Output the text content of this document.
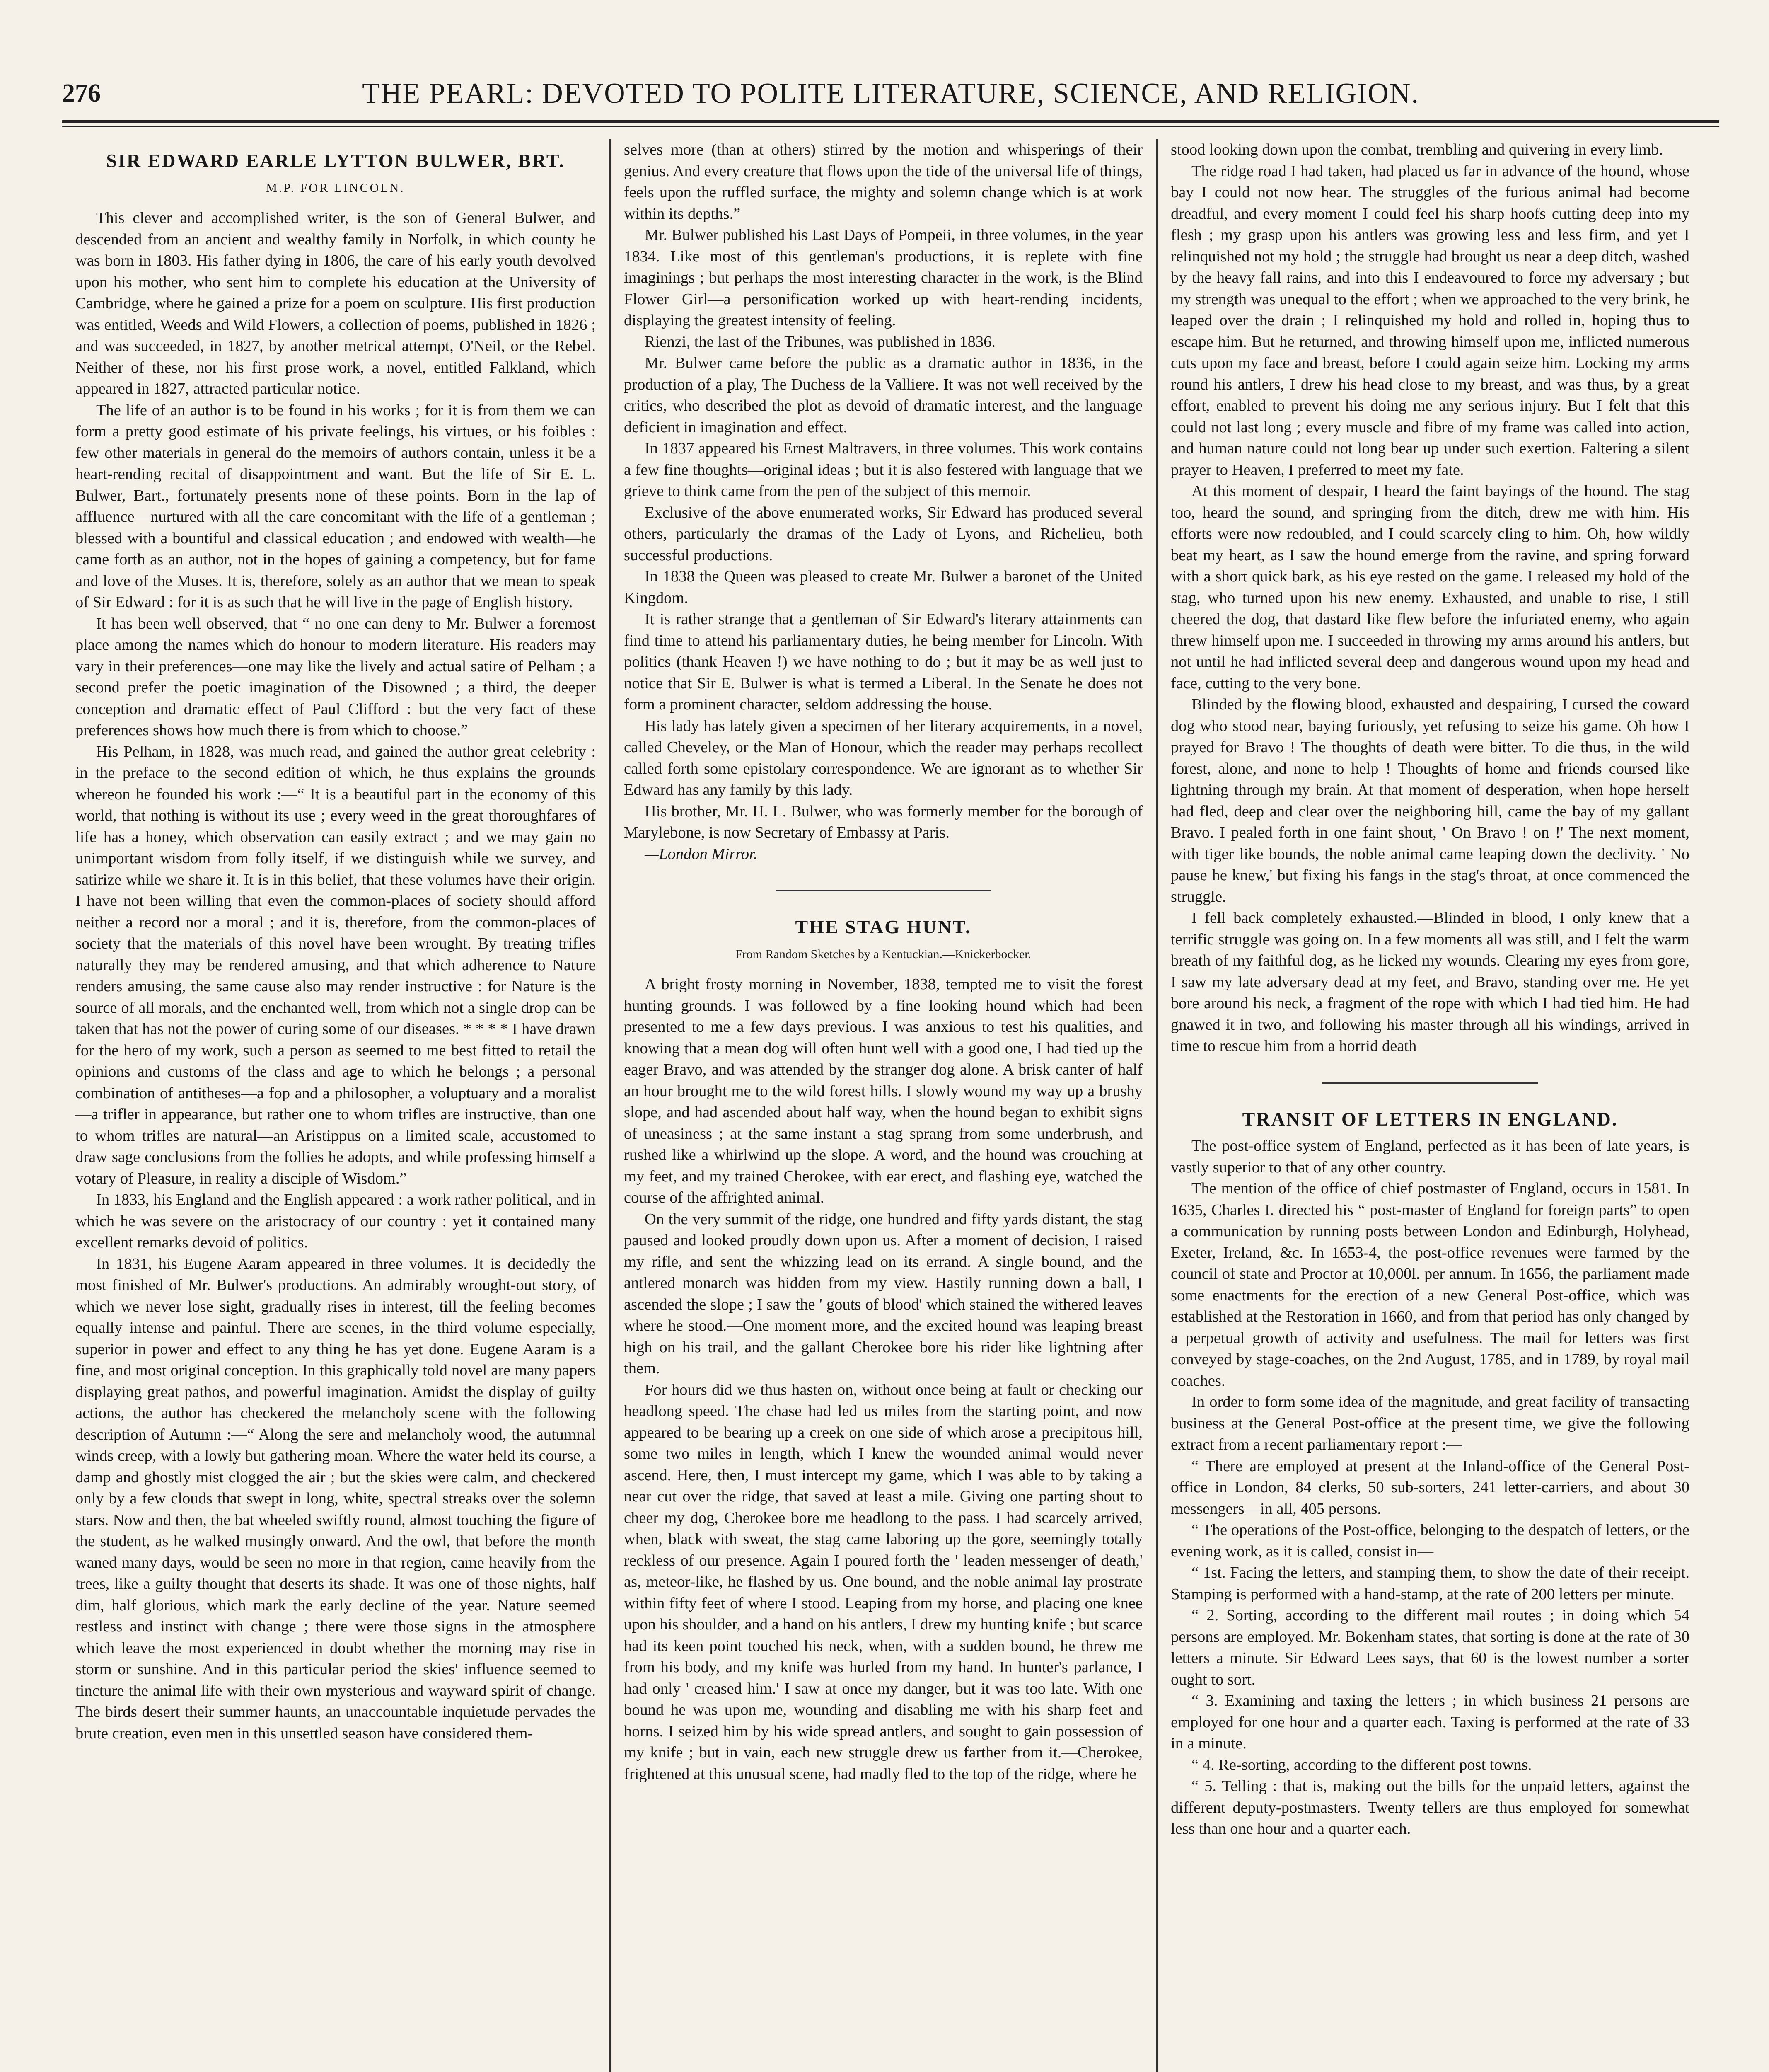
276	THE PEARL: DEVOTED TO POLITE LITERATURE, SCIENCE, AND RELIGION.
SIR EDWARD EARLE LYTTON BULWER, BRT.
M.P. FOR LINCOLN.

This clever and accomplished writer, is the son of General Bulwer, and descended from an ancient and wealthy family in Norfolk, in which county he was born in 1803. His father dying in 1806, the care of his early youth devolved upon his mother, who sent him to complete his education at the University of Cambridge, where he gained a prize for a poem on sculpture. His first production was entitled, Weeds and Wild Flowers, a collection of poems, published in 1826 ; and was succeeded, in 1827, by another metrical attempt, O'Neil, or the Rebel. Neither of these, nor his first prose work, a novel, entitled Falkland, which appeared in 1827, attracted particular notice.

The life of an author is to be found in his works ; for it is from them we can form a pretty good estimate of his private feelings, his virtues, or his foibles : few other materials in general do the memoirs of authors contain, unless it be a heart-rending recital of disappointment and want. But the life of Sir E. L. Bulwer, Bart., fortunately presents none of these points. Born in the lap of affluence—nurtured with all the care concomitant with the life of a gentleman ; blessed with a bountiful and classical education ; and endowed with wealth—he came forth as an author, not in the hopes of gaining a competency, but for fame and love of the Muses. It is, therefore, solely as an author that we mean to speak of Sir Edward : for it is as such that he will live in the page of English history.

It has been well observed, that “ no one can deny to Mr. Bulwer a foremost place among the names which do honour to modern literature. His readers may vary in their preferences—one may like the lively and actual satire of Pelham ; a second prefer the poetic imagination of the Disowned ; a third, the deeper conception and dramatic effect of Paul Clifford : but the very fact of these preferences shows how much there is from which to choose.”

His Pelham, in 1828, was much read, and gained the author great celebrity : in the preface to the second edition of which, he thus explains the grounds whereon he founded his work :—“ It is a beautiful part in the economy of this world, that nothing is without its use ; every weed in the great thoroughfares of life has a honey, which observation can easily extract ; and we may gain no unimportant wisdom from folly itself, if we distinguish while we survey, and satirize while we share it. It is in this belief, that these volumes have their origin. I have not been willing that even the common-places of society should afford neither a record nor a moral ; and it is, therefore, from the common-places of society that the materials of this novel have been wrought. By treating trifles naturally they may be rendered amusing, and that which adherence to Nature renders amusing, the same cause also may render instructive : for Nature is the source of all morals, and the enchanted well, from which not a single drop can be taken that has not the power of curing some of our diseases. * * * * I have drawn for the hero of my work, such a person as seemed to me best fitted to retail the opinions and customs of the class and age to which he belongs ; a personal combination of antitheses—a fop and a philosopher, a voluptuary and a moralist—a trifler in appearance, but rather one to whom trifles are instructive, than one to whom trifles are natural—an Aristippus on a limited scale, accustomed to draw sage conclusions from the follies he adopts, and while professing himself a votary of Pleasure, in reality a disciple of Wisdom.”

In 1833, his England and the English appeared : a work rather political, and in which he was severe on the aristocracy of our country : yet it contained many excellent remarks devoid of politics.

In 1831, his Eugene Aaram appeared in three volumes. It is decidedly the most finished of Mr. Bulwer's productions. An admirably wrought-out story, of which we never lose sight, gradually rises in interest, till the feeling becomes equally intense and painful. There are scenes, in the third volume especially, superior in power and effect to any thing he has yet done. Eugene Aaram is a fine, and most original conception. In this graphically told novel are many papers displaying great pathos, and powerful imagination. Amidst the display of guilty actions, the author has checkered the melancholy scene with the following description of Autumn :—“ Along the sere and melancholy wood, the autumnal winds creep, with a lowly but gathering moan. Where the water held its course, a damp and ghostly mist clogged the air ; but the skies were calm, and checkered only by a few clouds that swept in long, white, spectral streaks over the solemn stars. Now and then, the bat wheeled swiftly round, almost touching the figure of the student, as he walked musingly onward. And the owl, that before the month waned many days, would be seen no more in that region, came heavily from the trees, like a guilty thought that deserts its shade. It was one of those nights, half dim, half glorious, which mark the early decline of the year. Nature seemed restless and instinct with change ; there were those signs in the atmosphere which leave the most experienced in doubt whether the morning may rise in storm or sunshine. And in this particular period the skies' influence seemed to tincture the animal life with their own mysterious and wayward spirit of change. The birds desert their summer haunts, an unaccountable inquietude pervades the brute creation, even men in this unsettled season have considered them-

selves more (than at others) stirred by the motion and whisperings of their genius. And every creature that flows upon the tide of the universal life of things, feels upon the ruffled surface, the mighty and solemn change which is at work within its depths.”

Mr. Bulwer published his Last Days of Pompeii, in three volumes, in the year 1834. Like most of this gentleman's productions, it is replete with fine imaginings ; but perhaps the most interesting character in the work, is the Blind Flower Girl—a personification worked up with heart-rending incidents, displaying the greatest intensity of feeling.

Rienzi, the last of the Tribunes, was published in 1836.

Mr. Bulwer came before the public as a dramatic author in 1836, in the production of a play, The Duchess de la Valliere. It was not well received by the critics, who described the plot as devoid of dramatic interest, and the language deficient in imagination and effect.

In 1837 appeared his Ernest Maltravers, in three volumes. This work contains a few fine thoughts—original ideas ; but it is also festered with language that we grieve to think came from the pen of the subject of this memoir.

Exclusive of the above enumerated works, Sir Edward has produced several others, particularly the dramas of the Lady of Lyons, and Richelieu, both successful productions.

In 1838 the Queen was pleased to create Mr. Bulwer a baronet of the United Kingdom.

It is rather strange that a gentleman of Sir Edward's literary attainments can find time to attend his parliamentary duties, he being member for Lincoln. With politics (thank Heaven !) we have nothing to do ; but it may be as well just to notice that Sir E. Bulwer is what is termed a Liberal. In the Senate he does not form a prominent character, seldom addressing the house.

His lady has lately given a specimen of her literary acquirements, in a novel, called Cheveley, or the Man of Honour, which the reader may perhaps recollect called forth some epistolary correspondence. We are ignorant as to whether Sir Edward has any family by this lady.

His brother, Mr. H. L. Bulwer, who was formerly member for the borough of Marylebone, is now Secretary of Embassy at Paris.

—London Mirror.

THE STAG HUNT.
From Random Sketches by a Kentuckian.—Knickerbocker.

A bright frosty morning in November, 1838, tempted me to visit the forest hunting grounds. I was followed by a fine looking hound which had been presented to me a few days previous. I was anxious to test his qualities, and knowing that a mean dog will often hunt well with a good one, I had tied up the eager Bravo, and was attended by the stranger dog alone. A brisk canter of half an hour brought me to the wild forest hills. I slowly wound my way up a brushy slope, and had ascended about half way, when the hound began to exhibit signs of uneasiness ; at the same instant a stag sprang from some underbrush, and rushed like a whirlwind up the slope. A word, and the hound was crouching at my feet, and my trained Cherokee, with ear erect, and flashing eye, watched the course of the affrighted animal.

On the very summit of the ridge, one hundred and fifty yards distant, the stag paused and looked proudly down upon us. After a moment of decision, I raised my rifle, and sent the whizzing lead on its errand. A single bound, and the antlered monarch was hidden from my view. Hastily running down a ball, I ascended the slope ; I saw the ' gouts of blood' which stained the withered leaves where he stood.—One moment more, and the excited hound was leaping breast high on his trail, and the gallant Cherokee bore his rider like lightning after them.

For hours did we thus hasten on, without once being at fault or checking our headlong speed. The chase had led us miles from the starting point, and now appeared to be bearing up a creek on one side of which arose a precipitous hill, some two miles in length, which I knew the wounded animal would never ascend. Here, then, I must intercept my game, which I was able to by taking a near cut over the ridge, that saved at least a mile. Giving one parting shout to cheer my dog, Cherokee bore me headlong to the pass. I had scarcely arrived, when, black with sweat, the stag came laboring up the gore, seemingly totally reckless of our presence. Again I poured forth the ' leaden messenger of death,' as, meteor-like, he flashed by us. One bound, and the noble animal lay prostrate within fifty feet of where I stood. Leaping from my horse, and placing one knee upon his shoulder, and a hand on his antlers, I drew my hunting knife ; but scarce had its keen point touched his neck, when, with a sudden bound, he threw me from his body, and my knife was hurled from my hand. In hunter's parlance, I had only ' creased him.' I saw at once my danger, but it was too late. With one bound he was upon me, wounding and disabling me with his sharp feet and horns. I seized him by his wide spread antlers, and sought to gain possession of my knife ; but in vain, each new struggle drew us farther from it.—Cherokee, frightened at this unusual scene, had madly fled to the top of the ridge, where he

stood looking down upon the combat, trembling and quivering in every limb.

The ridge road I had taken, had placed us far in advance of the hound, whose bay I could not now hear. The struggles of the furious animal had become dreadful, and every moment I could feel his sharp hoofs cutting deep into my flesh ; my grasp upon his antlers was growing less and less firm, and yet I relinquished not my hold ; the struggle had brought us near a deep ditch, washed by the heavy fall rains, and into this I endeavoured to force my adversary ; but my strength was unequal to the effort ; when we approached to the very brink, he leaped over the drain ; I relinquished my hold and rolled in, hoping thus to escape him. But he returned, and throwing himself upon me, inflicted numerous cuts upon my face and breast, before I could again seize him. Locking my arms round his antlers, I drew his head close to my breast, and was thus, by a great effort, enabled to prevent his doing me any serious injury. But I felt that this could not last long ; every muscle and fibre of my frame was called into action, and human nature could not long bear up under such exertion. Faltering a silent prayer to Heaven, I preferred to meet my fate.

At this moment of despair, I heard the faint bayings of the hound. The stag too, heard the sound, and springing from the ditch, drew me with him. His efforts were now redoubled, and I could scarcely cling to him. Oh, how wildly beat my heart, as I saw the hound emerge from the ravine, and spring forward with a short quick bark, as his eye rested on the game. I released my hold of the stag, who turned upon his new enemy. Exhausted, and unable to rise, I still cheered the dog, that dastard like flew before the infuriated enemy, who again threw himself upon me. I succeeded in throwing my arms around his antlers, but not until he had inflicted several deep and dangerous wound upon my head and face, cutting to the very bone.

Blinded by the flowing blood, exhausted and despairing, I cursed the coward dog who stood near, baying furiously, yet refusing to seize his game. Oh how I prayed for Bravo ! The thoughts of death were bitter. To die thus, in the wild forest, alone, and none to help ! Thoughts of home and friends coursed like lightning through my brain. At that moment of desperation, when hope herself had fled, deep and clear over the neighboring hill, came the bay of my gallant Bravo. I pealed forth in one faint shout, ' On Bravo ! on !' The next moment, with tiger like bounds, the noble animal came leaping down the declivity. ' No pause he knew,' but fixing his fangs in the stag's throat, at once commenced the struggle.

I fell back completely exhausted.—Blinded in blood, I only knew that a terrific struggle was going on. In a few moments all was still, and I felt the warm breath of my faithful dog, as he licked my wounds. Clearing my eyes from gore, I saw my late adversary dead at my feet, and Bravo, standing over me. He yet bore around his neck, a fragment of the rope with which I had tied him. He had gnawed it in two, and following his master through all his windings, arrived in time to rescue him from a horrid death

TRANSIT OF LETTERS IN ENGLAND.

The post-office system of England, perfected as it has been of late years, is vastly superior to that of any other country.

The mention of the office of chief postmaster of England, occurs in 1581. In 1635, Charles I. directed his “ post-master of England for foreign parts” to open a communication by running posts between London and Edinburgh, Holyhead, Exeter, Ireland, &c. In 1653-4, the post-office revenues were farmed by the council of state and Proctor at 10,000l. per annum. In 1656, the parliament made some enactments for the erection of a new General Post-office, which was established at the Restoration in 1660, and from that period has only changed by a perpetual growth of activity and usefulness. The mail for letters was first conveyed by stage-coaches, on the 2nd August, 1785, and in 1789, by royal mail coaches.

In order to form some idea of the magnitude, and great facility of transacting business at the General Post-office at the present time, we give the following extract from a recent parliamentary report :—

“ There are employed at present at the Inland-office of the General Post-office in London, 84 clerks, 50 sub-sorters, 241 letter-carriers, and about 30 messengers—in all, 405 persons.

“ The operations of the Post-office, belonging to the despatch of letters, or the evening work, as it is called, consist in—

“ 1st. Facing the letters, and stamping them, to show the date of their receipt. Stamping is performed with a hand-stamp, at the rate of 200 letters per minute.

“ 2. Sorting, according to the different mail routes ; in doing which 54 persons are employed. Mr. Bokenham states, that sorting is done at the rate of 30 letters a minute. Sir Edward Lees says, that 60 is the lowest number a sorter ought to sort.

“ 3. Examining and taxing the letters ; in which business 21 persons are employed for one hour and a quarter each. Taxing is performed at the rate of 33 in a minute.

“ 4. Re-sorting, according to the different post towns.

“ 5. Telling : that is, making out the bills for the unpaid letters, against the different deputy-postmasters. Twenty tellers are thus employed for somewhat less than one hour and a quarter each.
